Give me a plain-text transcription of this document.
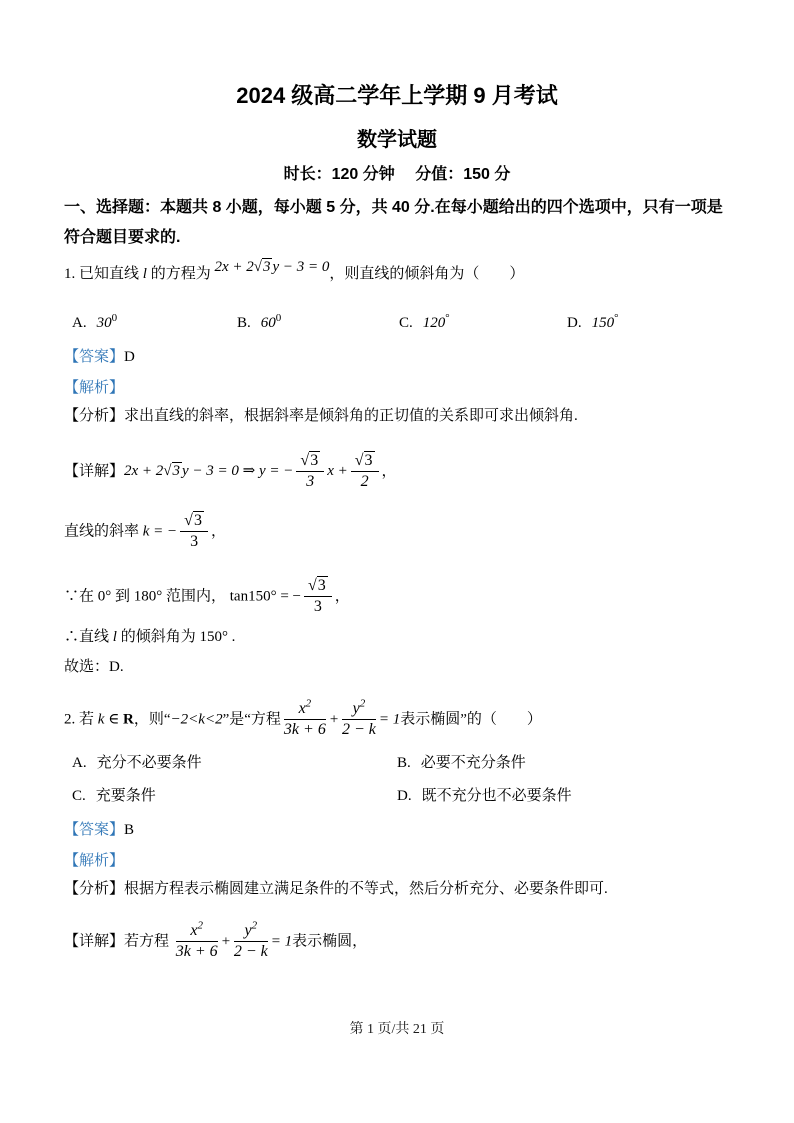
2024 级高二学年上学期 9 月考试
数学试题
时长：120 分钟　 分值：150 分
一、选择题：本题共 8 小题，每小题 5 分，共 40 分.在每小题给出的四个选项中，只有一项是符合题目要求的.
1. 已知直线 l 的方程为 2x + 2√3 y − 3 = 0，则直线的倾斜角为（　　）
A. $30^0$	B. $60^0$	C. 120°	D. 150°
【答案】D
【解析】
【分析】求出直线的斜率，根据斜率是倾斜角的正切值的关系即可求出倾斜角.
【详解】2x + 2√3 y − 3 = 0 ⇒ y = − $\frac{√3}{3}$ $x + \frac{√3}{2}$ ，
直线的斜率 k = − $\frac{√3}{3}$ ，
∵在 0° 到 180° 范围内， tan150° = − $\frac{√3}{3}$ ，
∴直线 l 的倾斜角为 150° .
故选：D.
2. 若 k ∈ R，则“−2<k<2”是“方程 $\frac{x^2}{3k + 6} + \frac{y^2}{2 - k} = 1$表示椭圆”的（　　）
A. 充分不必要条件	B. 必要不充分条件
C. 充要条件	D. 既不充分也不必要条件
【答案】B
【解析】
【分析】根据方程表示椭圆建立满足条件的不等式，然后分析充分、必要条件即可.
【详解】若方程 $\frac{x^2}{3k + 6} + \frac{y^2}{2 - k} = 1$表示椭圆，
第 1 页/共 21 页
